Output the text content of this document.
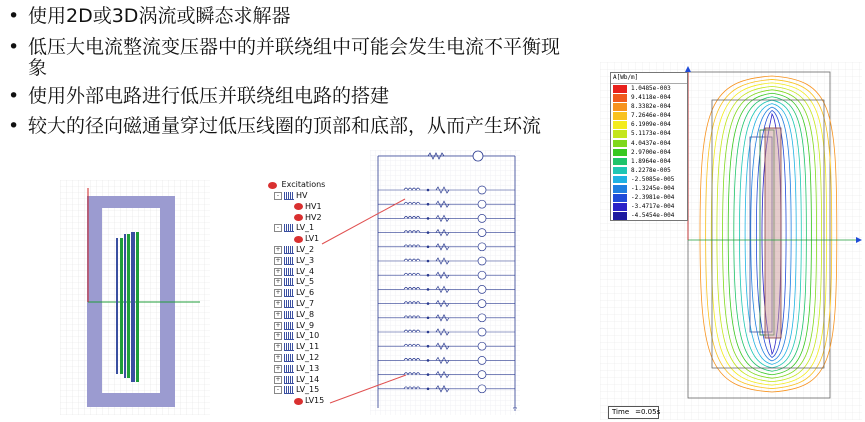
• 使用2D或3D涡流或瞬态求解器
• 低压大电流整流变压器中的并联绕组中可能会发生电流不平衡现象
• 使用外部电路进行低压并联绕组电路的搭建
• 较大的径向磁通量穿过低压线圈的顶部和底部，从而产生环流
Excitations
- HV
HV1
HV2
- LV_1
LV1
+ LV_2
+ LV_3
+ LV_4
+ LV_5
+ LV_6
+ LV_7
+ LV_8
+ LV_9
+ LV_10
+ LV_11
+ LV_12
+ LV_13
+ LV_14
- LV_15
LV15
A[Wb/m]
1.0485e-003
9.4118e-004
8.3382e-004
7.2646e-004
6.1909e-004
5.1173e-004
4.0437e-004
2.9700e-004
1.8964e-004
8.2278e-005
-2.5085e-005
-1.3245e-004
-2.3981e-004
-3.4717e-004
-4.5454e-004
Time =0.05s
